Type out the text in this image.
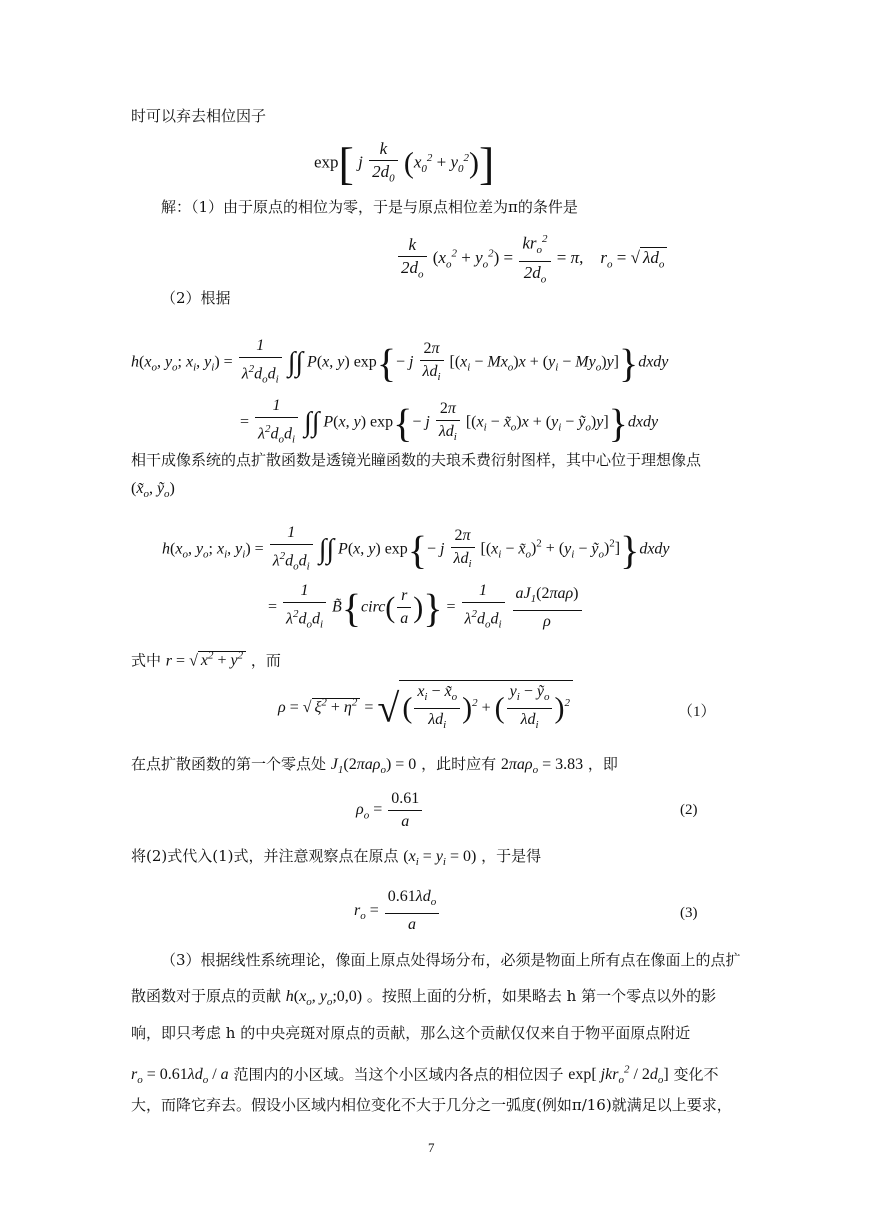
时可以弃去相位因子
exp[ j $\frac{k}{2d_0} (x_0^2 + y_0^2)$]
解：（1）由于原点的相位为零，于是与原点相位差为π的条件是
$\frac{k}{2d_o} (x_o^2 + y_o^2) = \frac{kr_o^2}{2d_o} = \pi$, $r_o$ = √ $\lambda d_o$
（2）根据
$h(x_o$, $y_o$; $x_i$, $y_i) = \frac{1}{\lambda^2d_od_i}$ ∫∫ P(x, y) exp{− j $\frac{2\pi}{\lambda d_i} [(x_i - Mx_o)x + (y_i$ − $My_o)y]\}dxdy$
= $\frac{1}{\lambda^2d_od_i}$ ∫∫ P(x, y) exp{− j $\frac{2\pi}{\lambda d_i} [(x_i$ − $x̃_o)x + (y_i$ − ỹ$_o$)y]}dxdy
相干成像系统的点扩散函数是透镜光瞳函数的夫琅禾费衍射图样，其中心位于理想像点
($x̃_o$, ỹ$_o$)
$h(x_o$, $y_o$; $x_i$, $y_i) = \frac{1}{\lambda^2d_od_i}$ ∫∫ P(x, y) exp{− j $\frac{2\pi}{\lambda d_i} [(x_i$ − $x̃_o)^2 + (y_i$ − ỹ$_o$)$^2$]}dxdy
= $\frac{1}{\lambda^2d_od_i}$ B̃{circ( $\frac{r}{a}$ )} = $\frac{1}{\lambda^2d_od_i}$
$\frac{aJ_1(2\pi a\rho)}{\rho}$
式中 r = √ $x^2 + y^2$ ，而
ρ = √ $\xi^2 + \eta^2$ = √ ( $\frac{x_i - x̃_o}{\lambda d_i} )^2$ + ( $\frac{y_i - ỹ_o}{\lambda d_i} )^2$
（1）
在点扩散函数的第一个零点处 $J_1(2\pi a\rho_o) = 0$ ，此时应有 2πaρ$_o$ = 3.83 ，即
$\rho_o = \frac{0.61}{a}$	(2)
将(2)式代入(1)式，并注意观察点在原点 $(x_i = y_i = 0)$ ，于是得
$r_o = \frac{0.61\lambda d_o}{a}$	(3)
（3）根据线性系统理论，像面上原点处得场分布，必须是物面上所有点在像面上的点扩
散函数对于原点的贡献 $h(x_o$, $y_o;0,0$) 。按照上面的分析，如果略去 h 第一个零点以外的影
响，即只考虑 h 的中央亮斑对原点的贡献，那么这个贡献仅仅来自于物平面原点附近
$r_o = 0.61\lambda d_o / a$ 范围内的小区域。当这个小区域内各点的相位因子 exp[ $jkr_o^2 / 2d_o$] 变化不
大，而降它弃去。假设小区域内相位变化不大于几分之一弧度(例如π/16)就满足以上要求，
7
